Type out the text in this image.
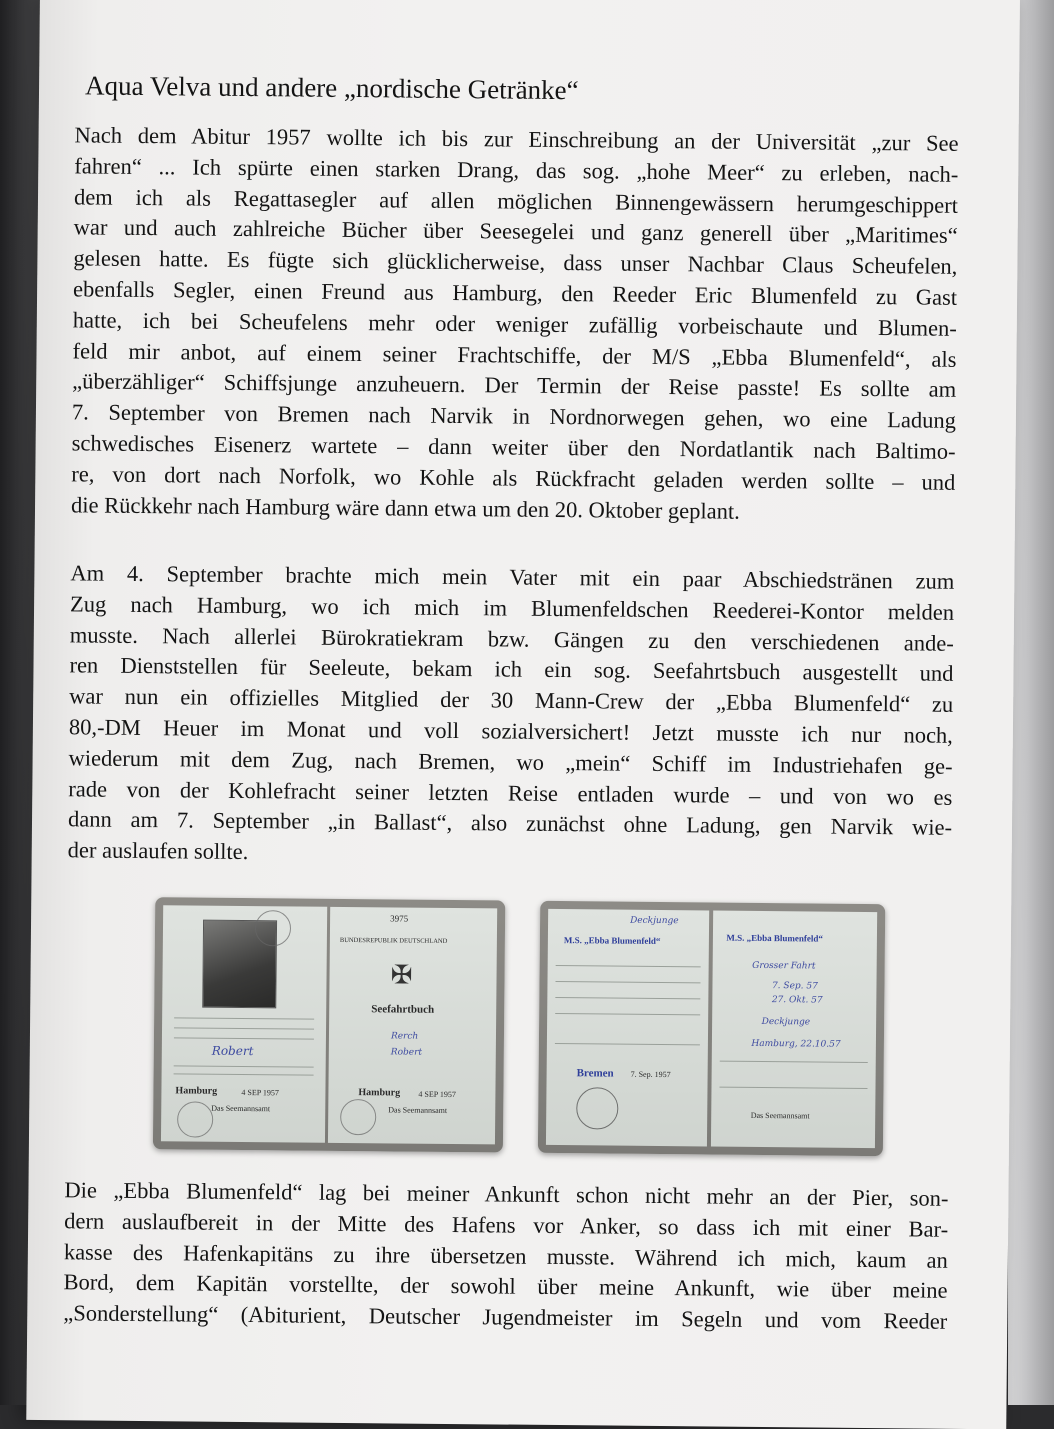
Aqua Velva und andere „nordische Getränke“
Nach dem Abitur 1957 wollte ich bis zur Einschreibung an der Universität „zur See
fahren“ ... Ich spürte einen starken Drang, das sog. „hohe Meer“ zu erleben, nach-
dem ich als Regattasegler auf allen möglichen Binnengewässern herumgeschippert
war und auch zahlreiche Bücher über Seesegelei und ganz generell über „Maritimes“
gelesen hatte. Es fügte sich glücklicherweise, dass unser Nachbar Claus Scheufelen,
ebenfalls Segler, einen Freund aus Hamburg, den Reeder Eric Blumenfeld zu Gast
hatte, ich bei Scheufelens mehr oder weniger zufällig vorbeischaute und Blumen-
feld mir anbot, auf einem seiner Frachtschiffe, der M/S „Ebba Blumenfeld“, als
„überzähliger“ Schiffsjunge anzuheuern. Der Termin der Reise passte! Es sollte am
7. September von Bremen nach Narvik in Nordnorwegen gehen, wo eine Ladung
schwedisches Eisenerz wartete – dann weiter über den Nordatlantik nach Baltimo-
re, von dort nach Norfolk, wo Kohle als Rückfracht geladen werden sollte – und
die Rückkehr nach Hamburg wäre dann etwa um den 20. Oktober geplant.
Am 4. September brachte mich mein Vater mit ein paar Abschiedstränen zum
Zug nach Hamburg, wo ich mich im Blumenfeldschen Reederei-Kontor melden
musste. Nach allerlei Bürokratiekram bzw. Gängen zu den verschiedenen ande-
ren Dienststellen für Seeleute, bekam ich ein sog. Seefahrtsbuch ausgestellt und
war nun ein offizielles Mitglied der 30 Mann-Crew der „Ebba Blumenfeld“ zu
80,-DM Heuer im Monat und voll sozialversichert! Jetzt musste ich nur noch,
wiederum mit dem Zug, nach Bremen, wo „mein“ Schiff im Industriehafen ge-
rade von der Kohlefracht seiner letzten Reise entladen wurde – und von wo es
dann am 7. September „in Ballast“, also zunächst ohne Ladung, gen Narvik wie-
der auslaufen sollte.
Robert
Hamburg	4 SEP 1957
Das Seemannsamt
3975
BUNDESREPUBLIK DEUTSCHLAND
✠
Seefahrtbuch
Rerch
Robert
Hamburg 4 SEP 1957
Das Seemannsamt
Deckjunge
M.S. „Ebba Blumenfeld“
Bremen 7. Sep. 1957
M.S. „Ebba Blumenfeld“
Grosser Fahrt
7. Sep. 57
27. Okt. 57
Deckjunge
Hamburg, 22.10.57
Das Seemannsamt
Die „Ebba Blumenfeld“ lag bei meiner Ankunft schon nicht mehr an der Pier, son-
dern auslaufbereit in der Mitte des Hafens vor Anker, so dass ich mit einer Bar-
kasse des Hafenkapitäns zu ihre übersetzen musste. Während ich mich, kaum an
Bord, dem Kapitän vorstellte, der sowohl über meine Ankunft, wie über meine
„Sonderstellung“ (Abiturient, Deutscher Jugendmeister im Segeln und vom Reeder
